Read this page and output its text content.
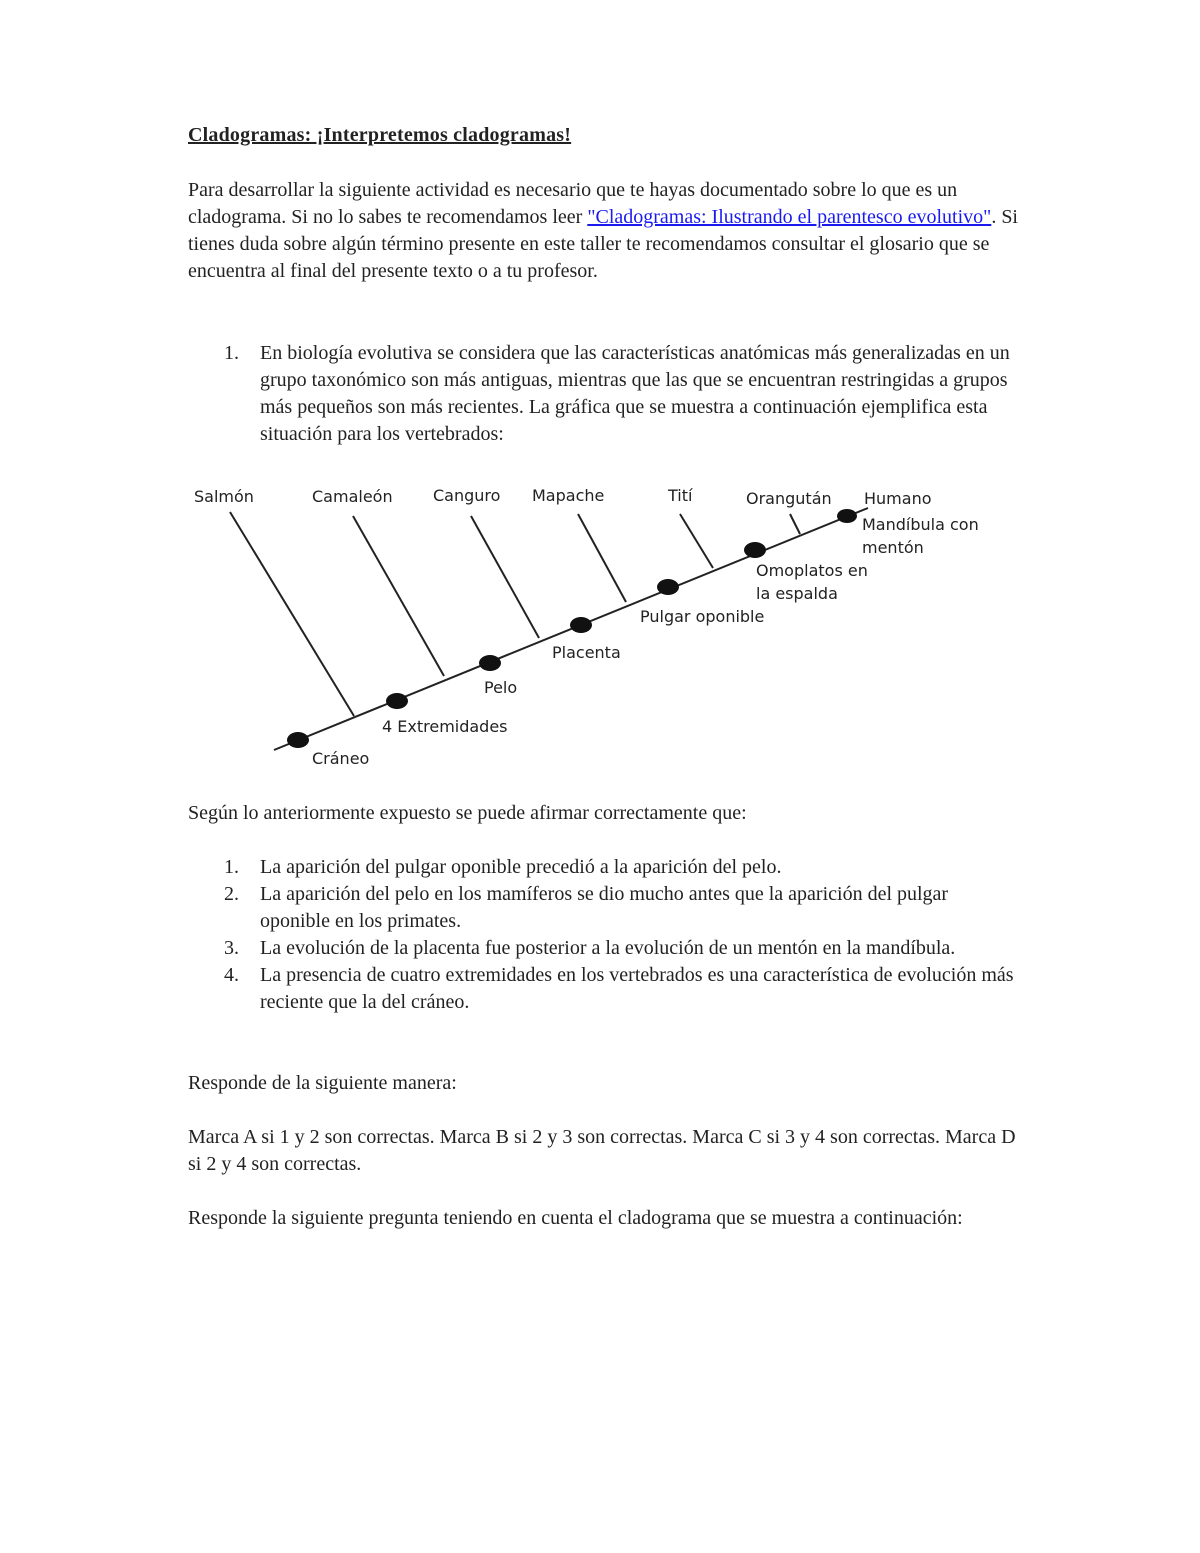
Cladogramas: ¡Interpretemos cladogramas!
Para desarrollar la siguiente actividad es necesario que te hayas documentado sobre lo que es un cladograma. Si no lo sabes te recomendamos leer "Cladogramas: Ilustrando el parentesco evolutivo". Si tienes duda sobre algún término presente en este taller te recomendamos consultar el glosario que se encuentra al final del presente texto o a tu profesor.
1. En biología evolutiva se considera que las características anatómicas más generalizadas en un grupo taxonómico son más antiguas, mientras que las que se encuentran restringidas a grupos más pequeños son más recientes. La gráfica que se muestra a continuación ejemplifica esta situación para los vertebrados:
Salmón	Camaleón	Canguro Mapache	Tití	Orangután Humano
Cráneo
4 Extremidades
Pelo
Placenta
Pulgar oponible
Omoplatos en
la espalda
Mandíbula con
mentón
Según lo anteriormente expuesto se puede afirmar correctamente que:
1. La aparición del pulgar oponible precedió a la aparición del pelo.
2. La aparición del pelo en los mamíferos se dio mucho antes que la aparición del pulgar oponible en los primates.
3. La evolución de la placenta fue posterior a la evolución de un mentón en la mandíbula.
4. La presencia de cuatro extremidades en los vertebrados es una característica de evolución más reciente que la del cráneo.
Responde de la siguiente manera:
Marca A si 1 y 2 son correctas. Marca B si 2 y 3 son correctas. Marca C si 3 y 4 son correctas. Marca D si 2 y 4 son correctas.
Responde la siguiente pregunta teniendo en cuenta el cladograma que se muestra a continuación:
